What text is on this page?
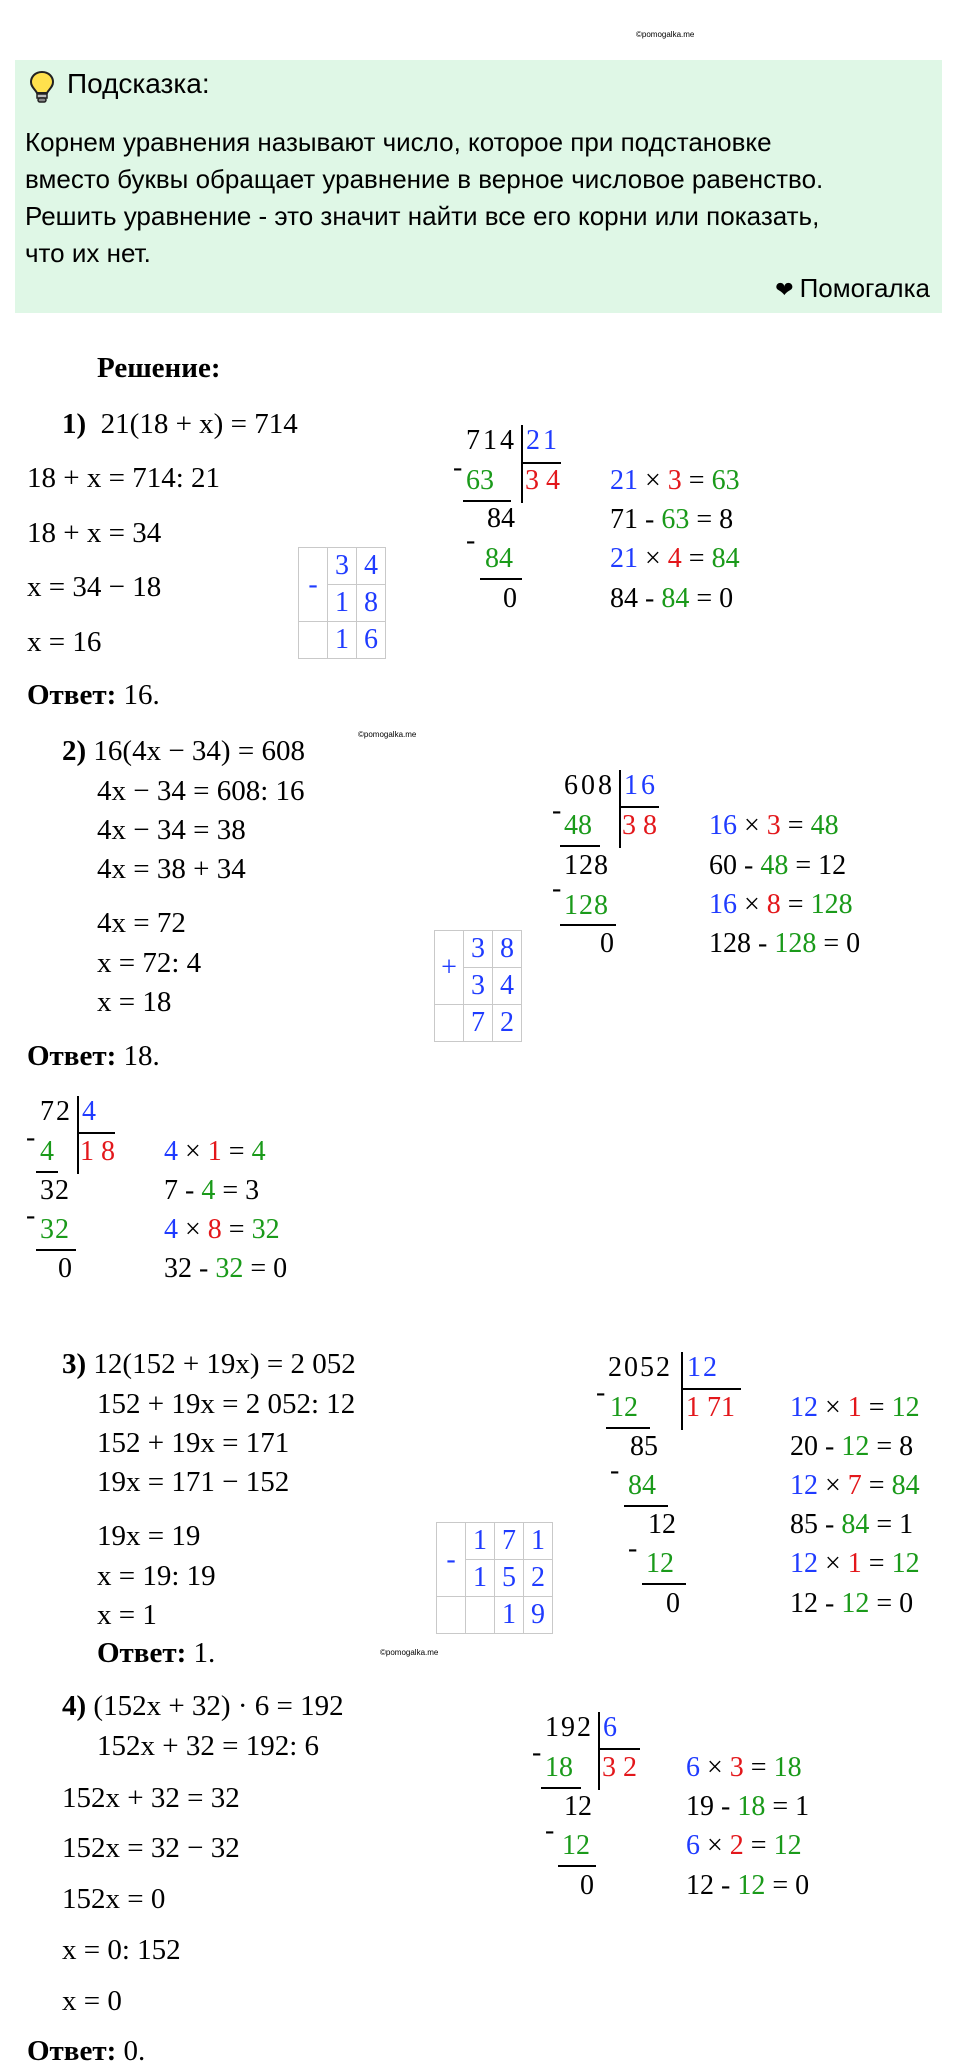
©pomogalka.me
©pomogalka.me
©pomogalka.me
Подсказка:
Корнем уравнения называют число, которое при подстановке
вместо буквы обращает уравнение в верное числовое равенство.
Решить уравнение - это значит найти все его корни или показать,
что их нет.
❤ Помогалка
Решение:
1) 21(18 + x) = 714
18 + x = 714: 21
18 + x = 34
x = 34 − 18
x = 16
Ответ: 16.
-	3	4
	1	8
	1	6
714 21
3 4
- 63
84
-
84
0
21 × 3 = 63
71 - 63 = 8
21 × 4 = 84
84 - 84 = 0
2) 16(4x − 34) = 608
4x − 34 = 608: 16
4x − 34 = 38
4x = 38 + 34
4x = 72
x = 72: 4
x = 18
Ответ: 18.
+	3	8
	3	4
	7	2
608 16
3 8
- 48
128
-
128
0
16 × 3 = 48
60 - 48 = 12
16 × 8 = 128
128 - 128 = 0
72 4
1 8
- 4
32
- 32
0
4 × 1 = 4
7 - 4 = 3
4 × 8 = 32
32 - 32 = 0
3) 12(152 + 19x) = 2 052
152 + 19x = 2 052: 12
152 + 19x = 171
19x = 171 − 152
19x = 19
x = 19: 19
x = 1
Ответ: 1.
-	1	7	1
	1	5	2
		1	9
2052 12
1 71
- 12
85
- 84
12
- 12
0
12 × 1 = 12
20 - 12 = 8
12 × 7 = 84
85 - 84 = 1
12 × 1 = 12
12 - 12 = 0
4) (152x + 32) · 6 = 192
152x + 32 = 192: 6
152x + 32 = 32
152x = 32 − 32
152x = 0
x = 0: 152
x = 0
Ответ: 0.
192 6
3 2
- 18
12
- 12
0
6 × 3 = 18
19 - 18 = 1
6 × 2 = 12
12 - 12 = 0
